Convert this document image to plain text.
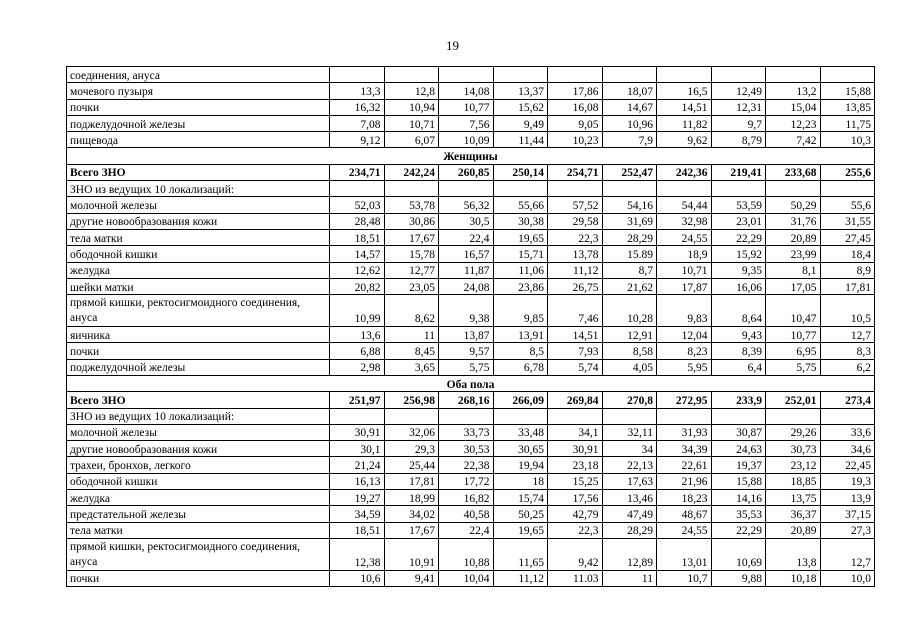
19
соединения, ануса										
мочевого пузыря	13,3	12,8	14,08	13,37	17,86	18,07	16,5	12,49	13,2	15,88
почки	16,32	10,94	10,77	15,62	16,08	14,67	14,51	12,31	15,04	13,85
поджелудочной железы	7,08	10,71	7,56	9,49	9,05	10,96	11,82	9,7	12,23	11,75
пищевода	9,12	6,07	10,09	11,44	10,23	7,9	9,62	8,79	7,42	10,3
Женщины										
Всего ЗНО	234,71	242,24	260,85	250,14	254,71	252,47	242,36	219,41	233,68	255,6
ЗНО из ведущих 10 локализаций:										
молочной железы	52,03	53,78	56,32	55,66	57,52	54,16	54,44	53,59	50,29	55,6
другие новообразования кожи	28,48	30,86	30,5	30,38	29,58	31,69	32,98	23,01	31,76	31,55
тела матки	18,51	17,67	22,4	19,65	22,3	28,29	24,55	22,29	20,89	27,45
ободочной кишки	14,57	15,78	16,57	15,71	13,78	15.89	18,9	15,92	23,99	18,4
желудка	12,62	12,77	11,87	11,06	11,12	8,7	10,71	9,35	8,1	8,9
шейки матки	20,82	23,05	24,08	23,86	26,75	21,62	17,87	16,06	17,05	17,81
прямой кишки, ректосигмоидного соединения, ануса	10,99	8,62	9,38	9,85	7,46	10,28	9,83	8,64	10,47	10,5
яичника	13,6	11	13,87	13,91	14,51	12,91	12,04	9,43	10,77	12,7
почки	6,88	8,45	9,57	8,5	7,93	8,58	8,23	8,39	6,95	8,3
поджелудочной железы	2,98	3,65	5,75	6,78	5,74	4,05	5,95	6,4	5,75	6,2
Оба пола										
Всего ЗНО	251,97	256,98	268,16	266,09	269,84	270,8	272,95	233,9	252,01	273,4
ЗНО из ведущих 10 локализаций:										
молочной железы	30,91	32,06	33,73	33,48	34,1	32,11	31,93	30,87	29,26	33,6
другие новообразования кожи	30,1	29,3	30,53	30,65	30,91	34	34,39	24,63	30,73	34,6
трахеи, бронхов, легкого	21,24	25,44	22,38	19,94	23,18	22,13	22,61	19,37	23,12	22,45
ободочной кишки	16,13	17,81	17,72	18	15,25	17,63	21,96	15,88	18,85	19,3
желудка	19,27	18,99	16,82	15,74	17,56	13,46	18,23	14,16	13,75	13,9
предстательной железы	34,59	34,02	40,58	50,25	42,79	47,49	48,67	35,53	36,37	37,15
тела матки	18,51	17,67	22,4	19,65	22,3	28,29	24,55	22,29	20,89	27,3
прямой кишки, ректосигмоидного соединения, ануса	12,38	10,91	10,88	11,65	9,42	12,89	13,01	10,69	13,8	12,7
почки	10,6	9,41	10,04	11,12	11.03	11	10,7	9,88	10,18	10,0
